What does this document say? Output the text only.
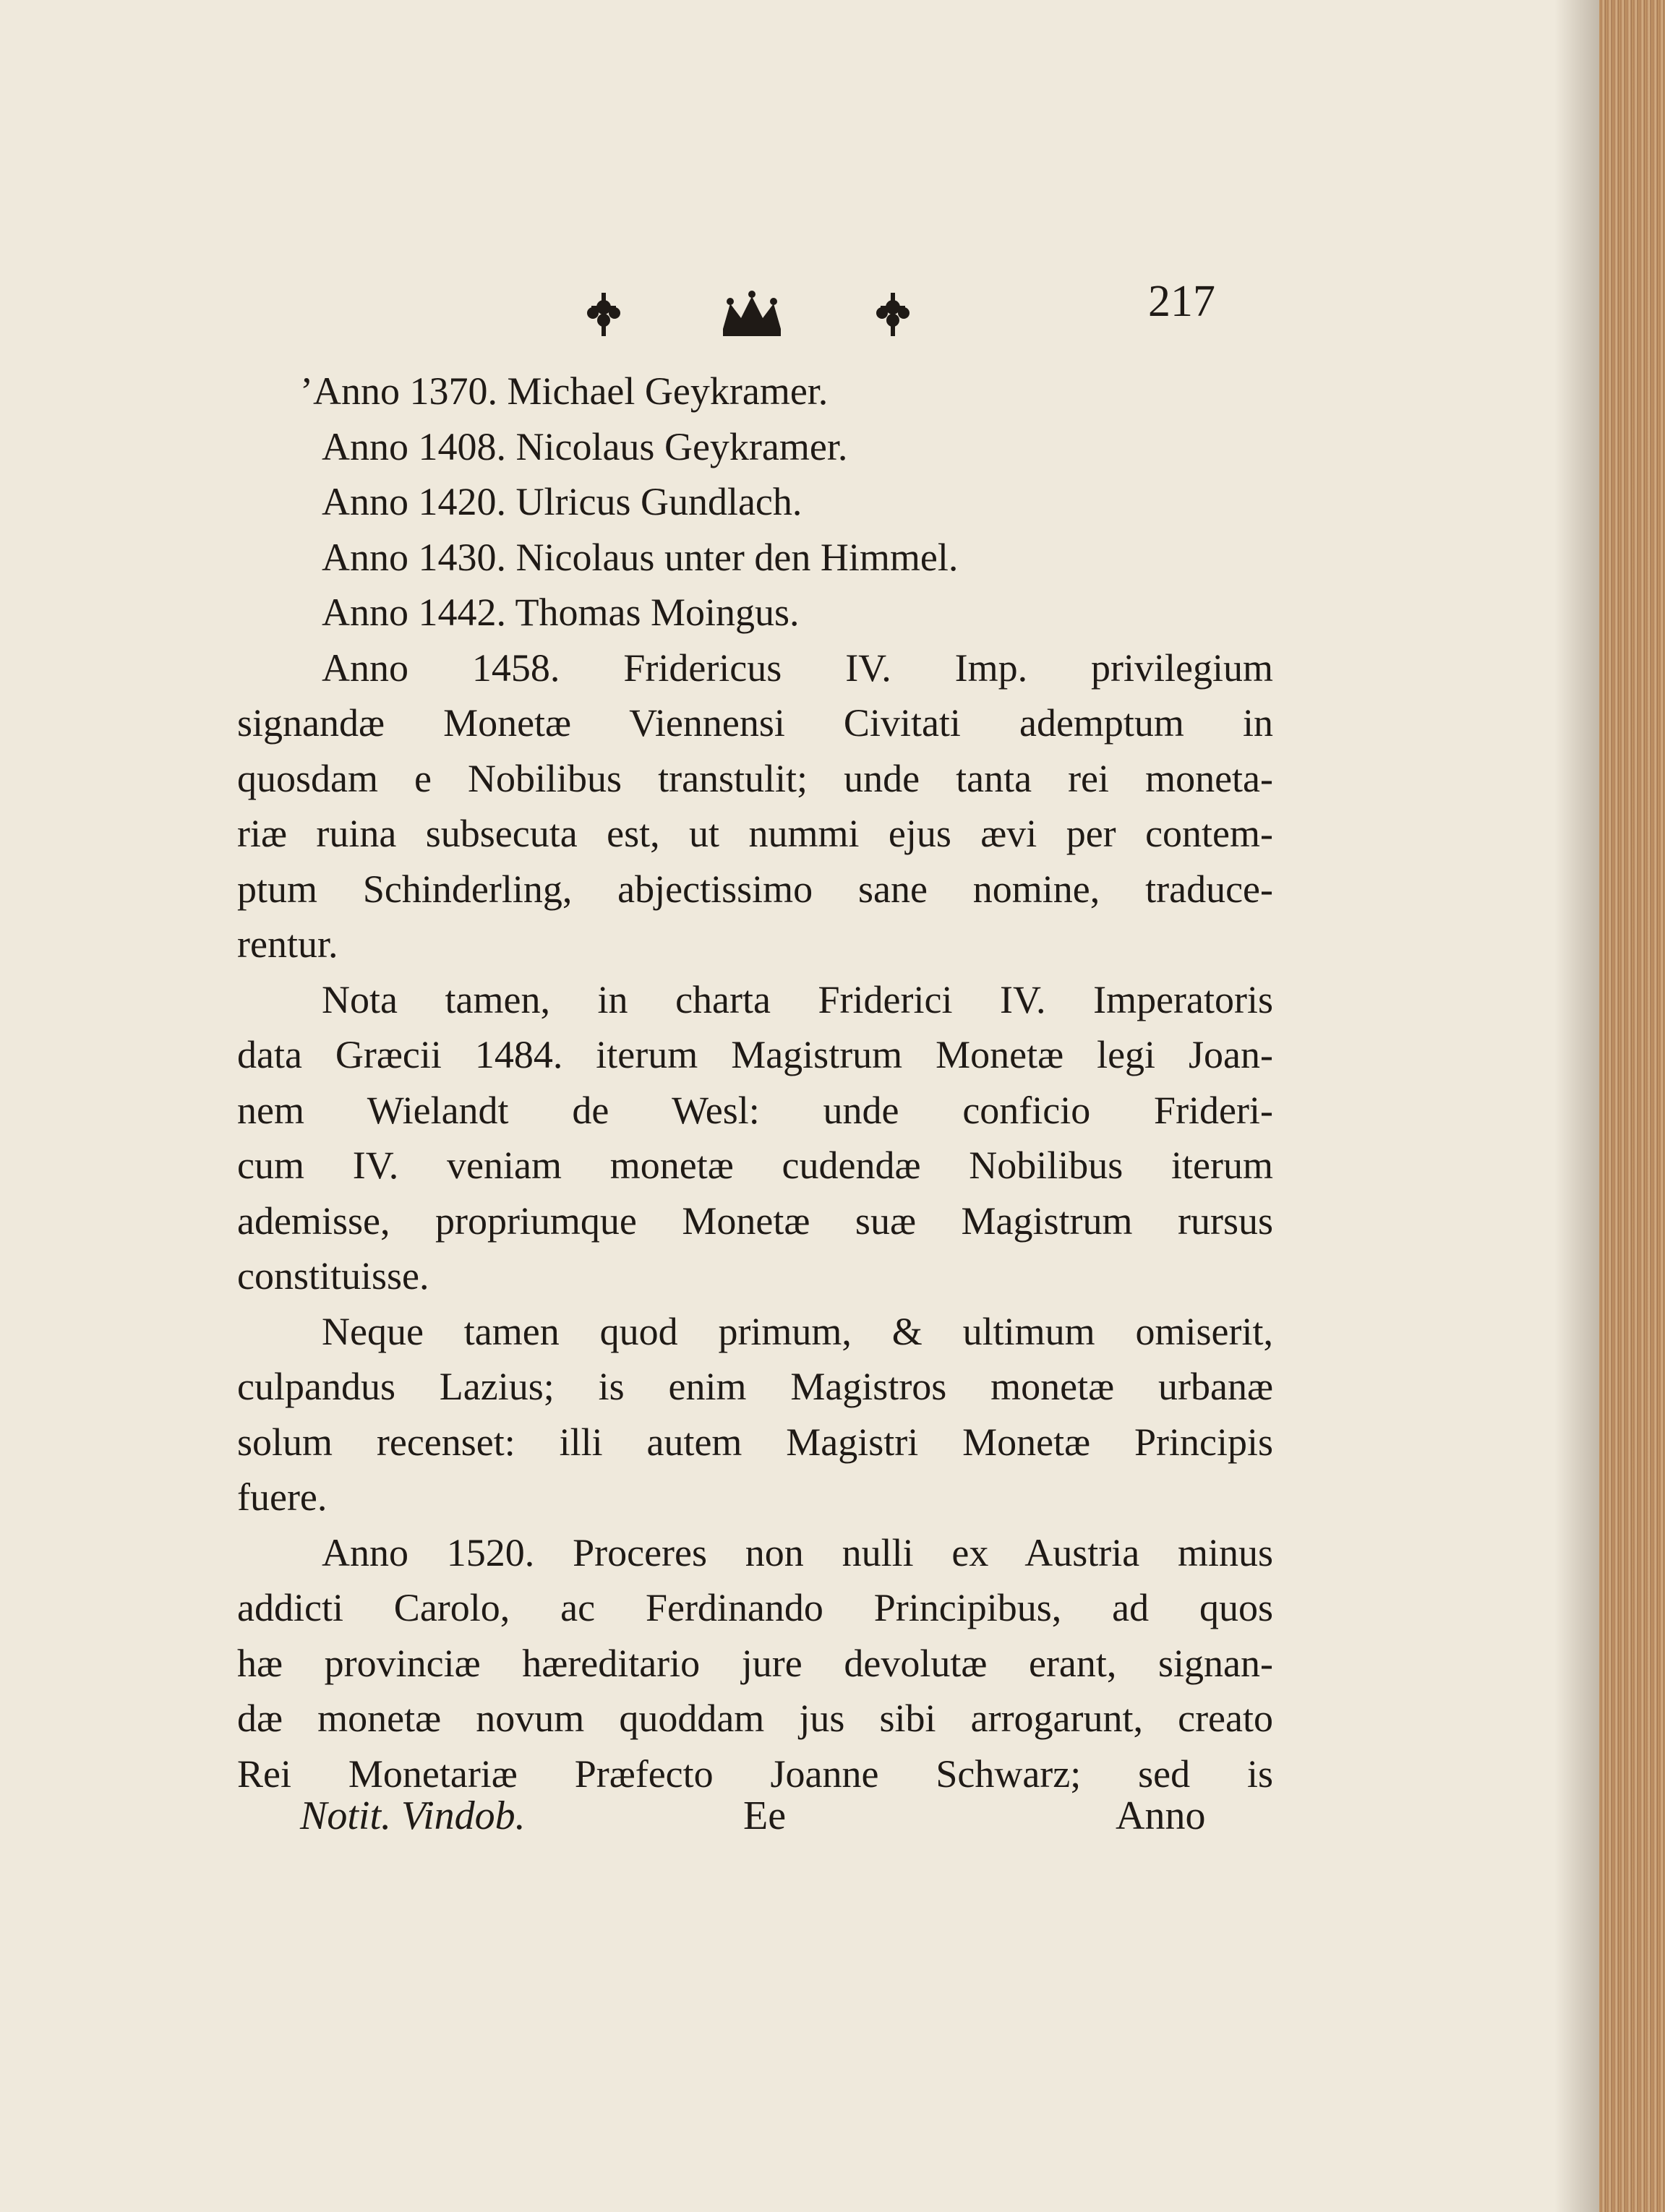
217
’Anno 1370. Michael Geykramer.
Anno 1408. Nicolaus Geykramer.
Anno 1420. Ulricus Gundlach.
Anno 1430. Nicolaus unter den Himmel.
Anno 1442. Thomas Moingus.
Anno 1458. Fridericus IV. Imp. privilegium
signandæ Monetæ Viennensi Civitati ademptum in
quosdam e Nobilibus transtulit; unde tanta rei moneta-
riæ ruina subsecuta est, ut nummi ejus ævi per contem-
ptum Schinderling, abjectissimo sane nomine, traduce-
rentur.
Nota tamen, in charta Friderici IV. Imperatoris
data Græcii 1484. iterum Magistrum Monetæ legi Joan-
nem Wielandt de Wesl: unde conficio Frideri-
cum IV. veniam monetæ cudendæ Nobilibus iterum
ademisse, propriumque Monetæ suæ Magistrum rursus
constituisse.
Neque tamen quod primum, & ultimum omiserit,
culpandus Lazius; is enim Magistros monetæ urbanæ
solum recenset: illi autem Magistri Monetæ Principis
fuere.
Anno 1520. Proceres non nulli ex Austria minus
addicti Carolo, ac Ferdinando Principibus, ad quos
hæ provinciæ hæreditario jure devolutæ erant, signan-
dæ monetæ novum quoddam jus sibi arrogarunt, creato
Rei Monetariæ Præfecto Joanne Schwarz; sed is
Notit. Vindob.	Ee	Anno
